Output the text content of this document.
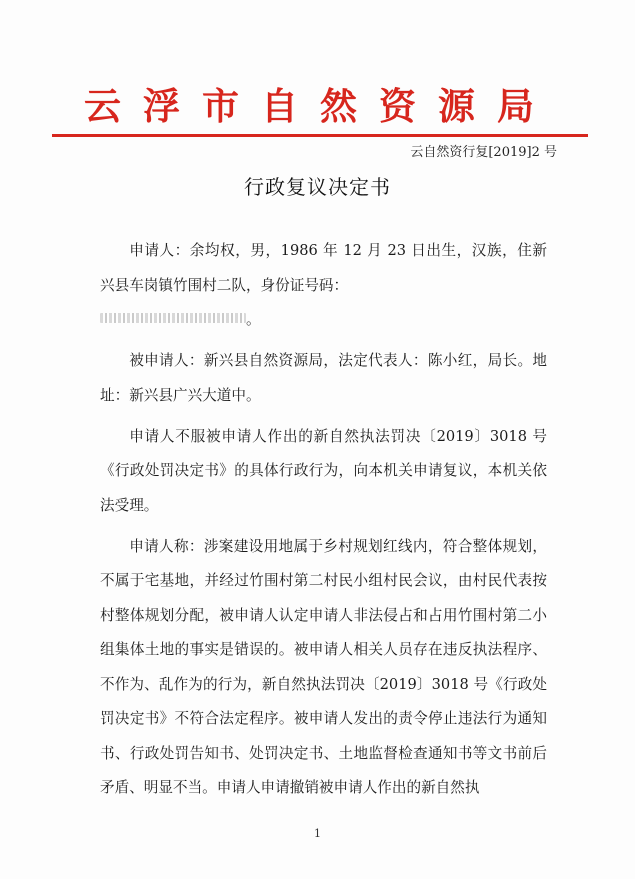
云浮市自然资源局
云自然资行复[2019]2 号
行政复议决定书

申请人：余均权，男，1986 年 12 月 23 日出生，汉族，住新兴县车岗镇竹围村二队，身份证号码：
。

被申请人：新兴县自然资源局，法定代表人：陈小红，局长。地址：新兴县广兴大道中。

申请人不服被申请人作出的新自然执法罚决〔2019〕3018 号《行政处罚决定书》的具体行政行为，向本机关申请复议，本机关依法受理。

申请人称：涉案建设用地属于乡村规划红线内，符合整体规划，不属于宅基地，并经过竹围村第二村民小组村民会议，由村民代表按村整体规划分配，被申请人认定申请人非法侵占和占用竹围村第二小组集体土地的事实是错误的。被申请人相关人员存在违反执法程序、不作为、乱作为的行为，新自然执法罚决〔2019〕3018 号《行政处罚决定书》不符合法定程序。被申请人发出的责令停止违法行为通知书、行政处罚告知书、处罚决定书、土地监督检查通知书等文书前后矛盾、明显不当。申请人申请撤销被申请人作出的新自然执

1
